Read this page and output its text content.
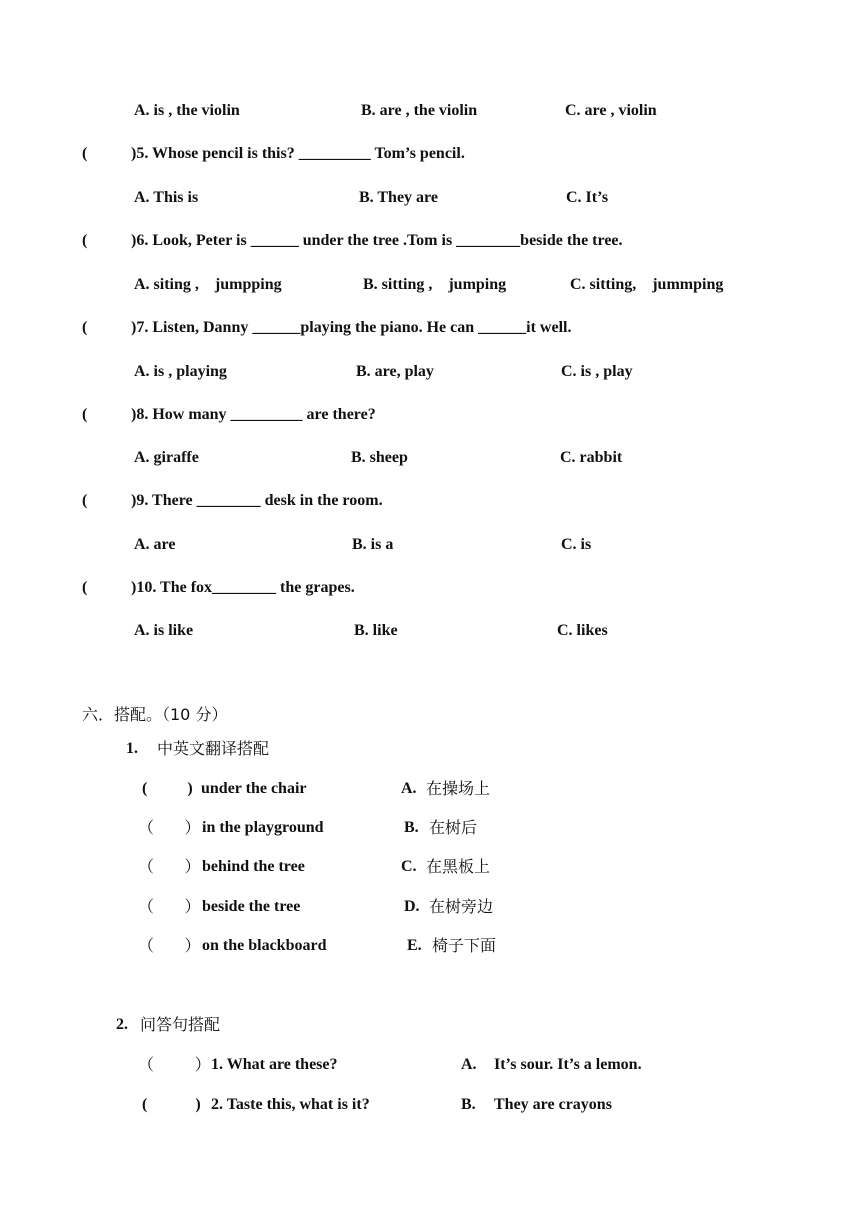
A. is , the violin	B. are , the violin	C. are , violin
(	)5. Whose pencil is this? _________ Tom’s pencil.
A. This is	B. They are	C. It’s
(	)6. Look, Peter is ______ under the tree .Tom is ________beside the tree.
A. siting ,    jumpping	B. sitting ,    jumping	C. sitting,    jummping
(	)7. Listen, Danny ______playing the piano. He can ______it well.
A. is , playing	B. are, play	C. is , play
(	)8. How many _________ are there?
A. giraffe	B. sheep	C. rabbit
(	)9. There ________ desk in the room.
A. are	B. is a	C. is
(	)10. The fox________ the grapes.
A. is like	B. like	C. likes
六．搭配。（10 分）
1. 中英文翻译搭配
(          ) under the chair	A. 在操场上
（      ） in the playground	B. 在树后
（      ） behind the tree	C. 在黑板上
（      ） beside the tree	D. 在树旁边
（      ） on the blackboard	E. 椅子下面
2. 问答句搭配
（        ） 1. What are these?	A. It’s sour. It’s a lemon.
(            ) 2. Taste this, what is it?	B. They are crayons
